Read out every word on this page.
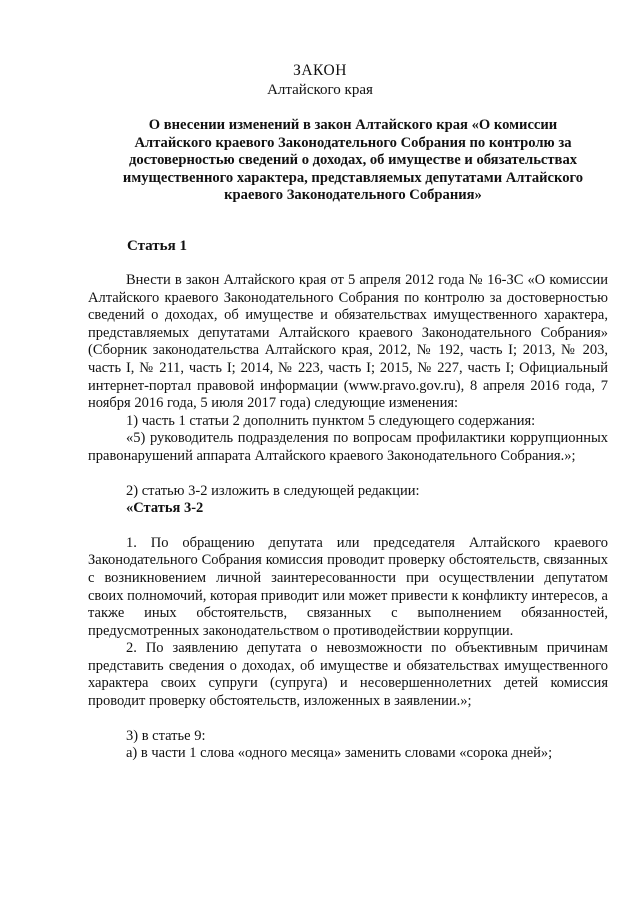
ЗАКОН
Алтайского края
О внесении изменений в закон Алтайского края «О комиссии Алтайского краевого Законодательного Собрания по контролю за достоверностью сведений о доходах, об имуществе и обязательствах имущественного характера, представляемых депутатами Алтайского краевого Законодательного Собрания»
Статья 1

Внести в закон Алтайского края от 5 апреля 2012 года № 16-ЗС «О комиссии Алтайского краевого Законодательного Собрания по контролю за достоверностью сведений о доходах, об имуществе и обязательствах имущественного характера, представляемых депутатами Алтайского краевого Законодательного Собрания» (Сборник законодательства Алтайского края, 2012, № 192, часть I; 2013, № 203, часть I, № 211, часть I; 2014, № 223, часть I; 2015, № 227, часть I; Официальный интернет-портал правовой информации (www.pravo.gov.ru), 8 апреля 2016 года, 7 ноября 2016 года, 5 июля 2017 года) следующие изменения:

1) часть 1 статьи 2 дополнить пунктом 5 следующего содержания:

«5) руководитель подразделения по вопросам профилактики коррупционных правонарушений аппарата Алтайского краевого Законодательного Собрания.»;

2) статью 3-2 изложить в следующей редакции:

«Статья 3-2

1. По обращению депутата или председателя Алтайского краевого Законодательного Собрания комиссия проводит проверку обстоятельств, связанных с возникновением личной заинтересованности при осуществлении депутатом своих полномочий, которая приводит или может привести к конфликту интересов, а также иных обстоятельств, связанных с выполнением обязанностей, предусмотренных законодательством о противодействии коррупции.

2. По заявлению депутата о невозможности по объективным причинам представить сведения о доходах, об имуществе и обязательствах имущественного характера своих супруги (супруга) и несовершеннолетних детей комиссия проводит проверку обстоятельств, изложенных в заявлении.»;

3) в статье 9:

а) в части 1 слова «одного месяца» заменить словами «сорока дней»;
